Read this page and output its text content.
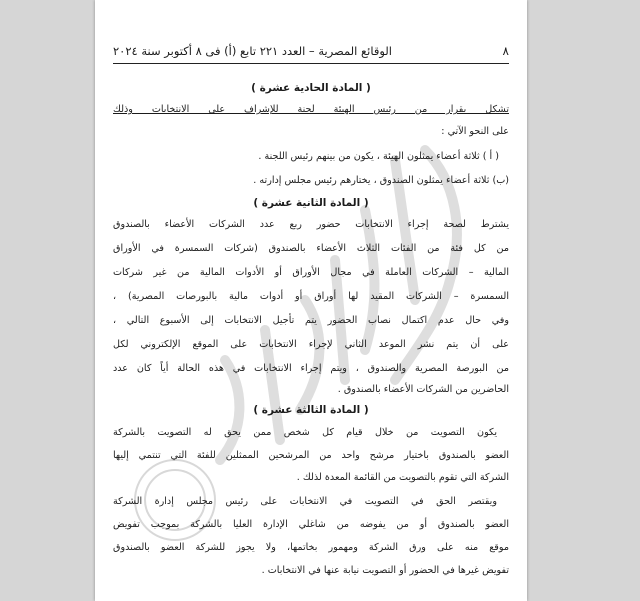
٨
الوقائع المصرية – العدد ٢٢١ تابع (أ) فى ٨ أكتوبر سنة ٢٠٢٤
( المادة الحادية عشرة )
تشكل بقرار من رئيس الهيئة لجنة للإشراف على الانتخابات وذلك
على النحو الآتي :
( أ ) ثلاثة أعضاء يمثلون الهيئة ، يكون من بينهم رئيس اللجنة .
(ب) ثلاثة أعضاء يمثلون الصندوق ، يختارهم رئيس مجلس إدارته .
( المادة الثانية عشرة )
يشترط لصحة إجراء الانتخابات حضور ربع عدد الشركات الأعضاء بالصندوق
من كل فئة من الفئات الثلاث الأعضاء بالصندوق (شركات السمسرة في الأوراق
المالية – الشركات العاملة في مجال الأوراق أو الأدوات المالية من غير شركات
السمسرة – الشركات المقيد لها أوراق أو أدوات مالية بالبورصات المصرية) ،
وفي حال عدم اكتمال نصاب الحضور يتم تأجيل الانتخابات إلى الأسبوع التالي ،
على أن يتم نشر الموعد الثاني لإجراء الانتخابات على الموقع الإلكتروني لكل
من البورصة المصرية والصندوق ، ويتم إجراء الانتخابات في هذه الحالة أياً كان عدد
الحاضرين من الشركات الأعضاء بالصندوق .
( المادة الثالثة عشرة )
يكون التصويت من خلال قيام كل شخص ممن يحق له التصويت بالشركة
العضو بالصندوق باختيار مرشح واحد من المرشحين الممثلين للفئة التي تنتمي إليها
الشركة التي تقوم بالتصويت من القائمة المعدة لذلك .
ويقتصر الحق في التصويت في الانتخابات على رئيس مجلس إدارة الشركة
العضو بالصندوق أو من يفوضه من شاغلي الإدارة العليا بالشركة بموجب تفويض
موقع منه على ورق الشركة ومهمور بخاتمها، ولا يجوز للشركة العضو بالصندوق
تفويض غيرها في الحضور أو التصويت نيابة عنها في الانتخابات .
